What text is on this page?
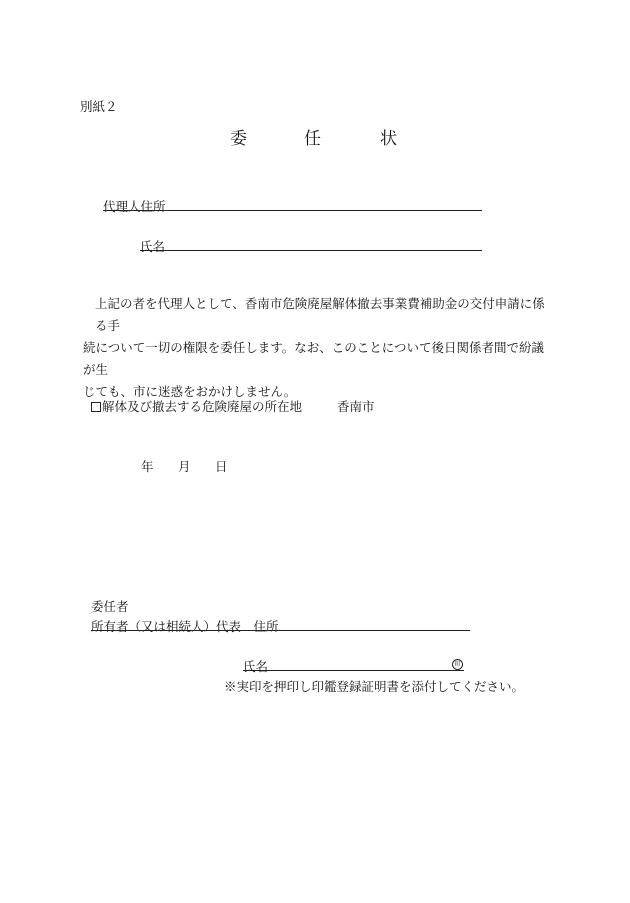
別紙２
委	任	状
代理人住所
氏名
上記の者を代理人として、香南市危険廃屋解体撤去事業費補助金の交付申請に係る手
続について一切の権限を委任します。なお、このことについて後日関係者間で紛議が生
じても、市に迷惑をおかけしません。
解体及び撤去する危険廃屋の所在地	香南市
年 月 日
委任者
所有者（又は相続人）代表　住所
氏名	印
※実印を押印し印鑑登録証明書を添付してください。
